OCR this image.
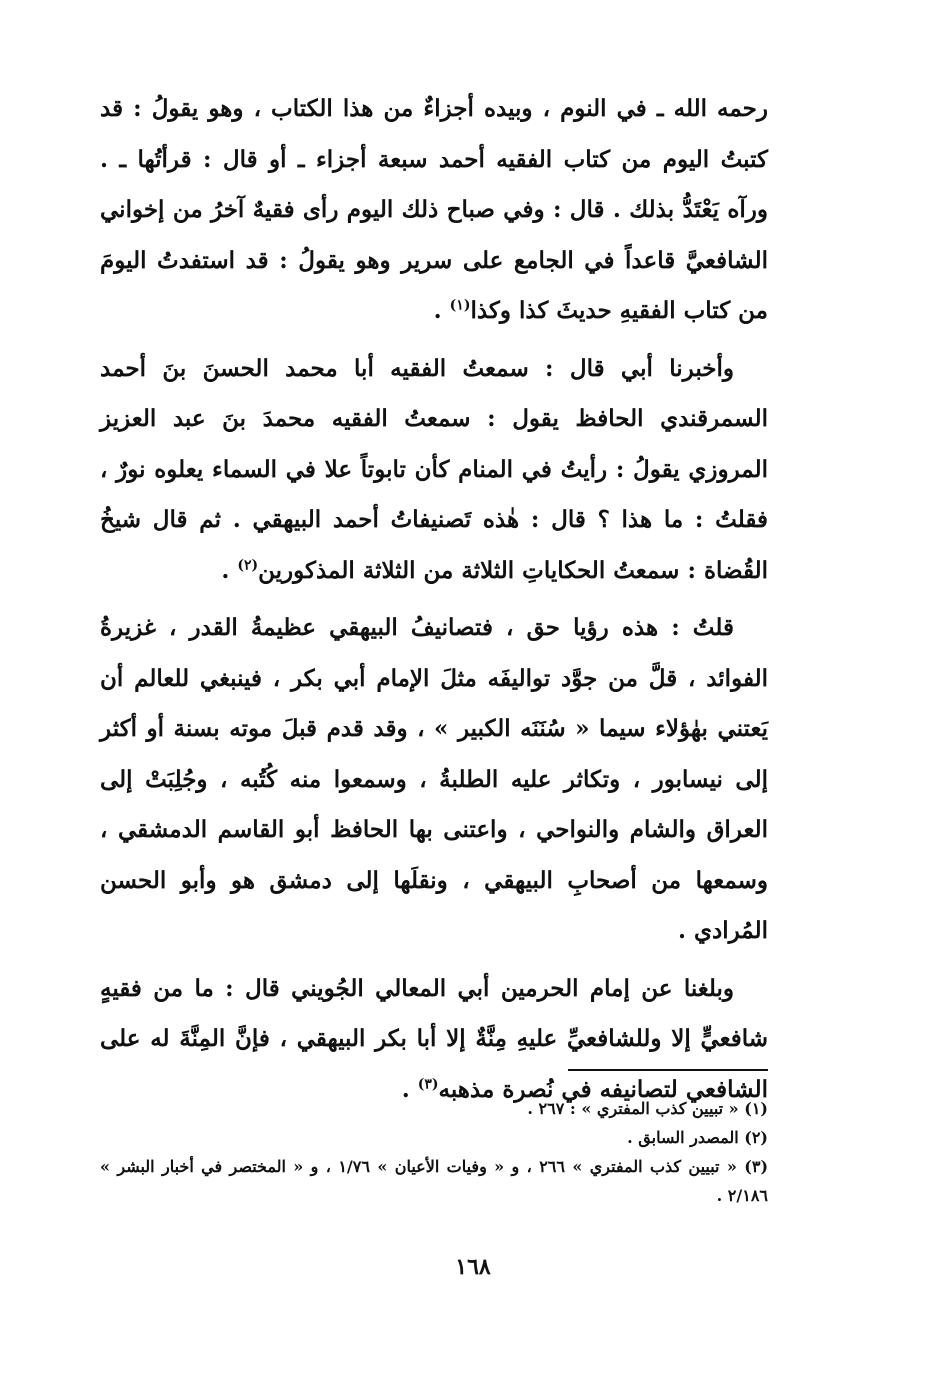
رحمه الله ـ في النوم ، وبيده أجزاءٌ من هذا الكتاب ، وهو يقولُ : قد كتبتُ اليوم من كتاب الفقيه أحمد سبعة أجزاء ـ أو قال : قرأتُها ـ . ورآه يَعْتَدُّ بذلك . قال : وفي صباح ذلك اليوم رأى فقيهٌ آخرُ من إخواني الشافعيَّ قاعداً في الجامع على سرير وهو يقولُ : قد استفدتُ اليومَ من كتاب الفقيهِ حديثَ كذا وكذا$^{(١)}$ .

وأخبرنا أبي قال : سمعتُ الفقيه أبا محمد الحسنَ بنَ أحمد السمرقندي الحافظ يقول : سمعتُ الفقيه محمدَ بنَ عبد العزيز المروزي يقولُ : رأيتُ في المنام كأن تابوتاً علا في السماء يعلوه نورٌ ، فقلتُ : ما هذا ؟ قال : هٰذه تَصنيفاتُ أحمد البيهقي . ثم قال شيخُ القُضاة : سمعتُ الحكاياتِ الثلاثة من الثلاثة المذكورين$^{(٢)}$ .

قلتُ : هذه رؤيا حق ، فتصانيفُ البيهقي عظيمةُ القدر ، غزيرةُ الفوائد ، قلَّ من جوَّد تواليفَه مثلَ الإمام أبي بكر ، فينبغي للعالم أن يَعتني بهٰؤلاء سيما « سُنَنَه الكبير » ، وقد قدم قبلَ موته بسنة أو أكثر إلى نيسابور ، وتكاثر عليه الطلبةُ ، وسمعوا منه كُتُبه ، وجُلِبَتْ إلى العراق والشام والنواحي ، واعتنى بها الحافظ أبو القاسم الدمشقي ، وسمعها من أصحابِ البيهقي ، ونقلَها إلى دمشق هو وأبو الحسن المُرادي .

وبلغنا عن إمام الحرمين أبي المعالي الجُويني قال : ما من فقيهٍ شافعيٍّ إلا وللشافعيِّ عليهِ مِنَّةٌ إلا أبا بكر البيهقي ، فإنَّ المِنَّةَ له على الشافعي لتصانيفه في نُصرة مذهبه$^{(٣)}$ .

(١) « تبيين كذب المفتري » : ٢٦٧ .

(٢) المصدر السابق .

(٣) « تبيين كذب المفتري » ٢٦٦ ، و « وفيات الأعيان » ١/٧٦ ، و « المختصر في أخبار البشر » ٢/١٨٦ .

١٦٨
